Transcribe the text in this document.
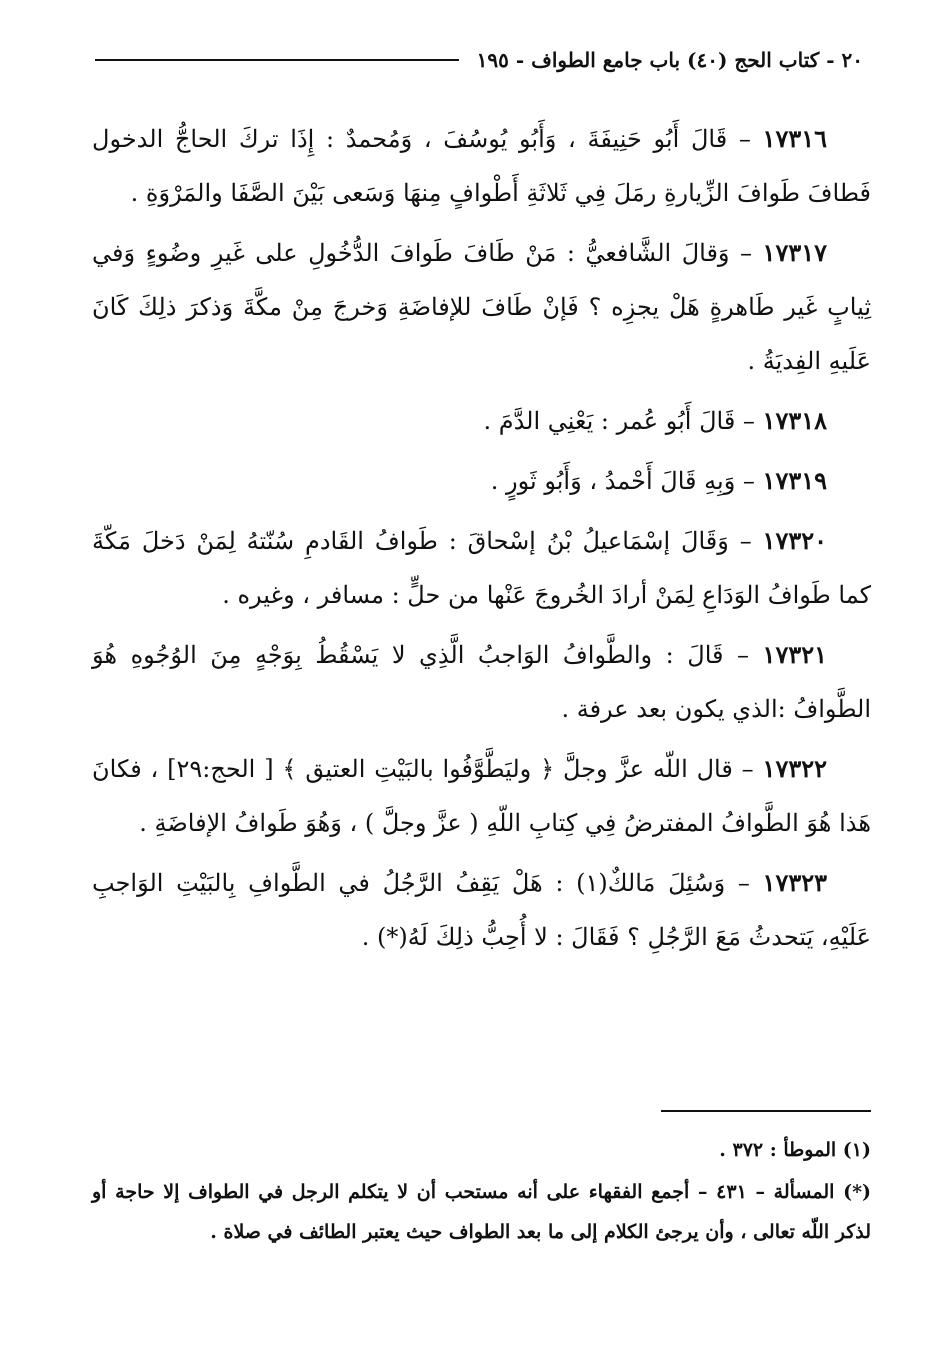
٢٠ - كتاب الحج (٤٠) باب جامع الطواف - ١٩٥

١٧٣١٦ – قَالَ أَبُو حَنِيفَةَ ، وَأَبُو يُوسُفَ ، وَمُحمدٌ : إِذَا تركَ الحاجُّ الدخول فَطافَ طَوافَ الزِّيارةِ رمَلَ فِي ثَلاثَةِ أَطْوافٍ مِنهَا وَسَعى بَيْنَ الصَّفَا والمَرْوَةِ .

١٧٣١٧ – وَقالَ الشَّافعيُّ : مَنْ طَافَ طَوافَ الدُّخُولِ على غَيرِ وضُوءٍ وَفي ثِيابٍ غَير طَاهرةٍ هَلْ يجزِه ؟ فَإنْ طَافَ للإفاضَةِ وَخرجَ مِنْ مكَّةَ وَذكرَ ذلِكَ كَانَ عَلَيهِ الفِديَةُ .

١٧٣١٨ – قَالَ أَبُو عُمر : يَعْنِي الدَّمَ .

١٧٣١٩ – وَبِهِ قَالَ أَحْمدُ ، وَأَبُو ثَورٍ .

١٧٣٢٠ – وَقَالَ إسْمَاعيلُ بْنُ إسْحاقَ : طَوافُ القَادمِ سُنّتهُ لِمَنْ دَخلَ مَكّةَ كما طَوافُ الوَدَاعِ لِمَنْ أرادَ الخُروجَ عَنْها من حلٍّ : مسافر ، وغيره .

١٧٣٢١ – قَالَ : والطَّوافُ الوَاجبُ الَّذِي لا يَسْقُطُ بِوَجْهٍ مِنَ الوُجُوهِ هُوَ الطَّوافُ :الذي يكون بعد عرفة .

١٧٣٢٢ – قال اللّه عزَّ وجلَّ ﴿ وليَطَّوَّفُوا بالبَيْتِ العتيق ﴾ [ الحج:٢٩] ، فكانَ هَذا هُوَ الطَّوافُ المفترضُ فِي كِتابِ اللّهِ ( عزَّ وجلَّ ) ، وَهُوَ طَوافُ الإفاضَةِ .

١٧٣٢٣ – وَسُئِلَ مَالكٌ(١) : هَلْ يَقِفُ الرَّجُلُ في الطَّوافِ بِالبَيْتِ الوَاجبِ عَلَيْهِ، يَتحدثُ مَعَ الرَّجُلِ ؟ فَقَالَ : لا أُحِبُّ ذلِكَ لَهُ(*) .

(١) الموطأ : ٣٧٢ .

(*) المسألة – ٤٣١ – أجمع الفقهاء على أنه مستحب أن لا يتكلم الرجل في الطواف إلا حاجة أو لذكر اللّه تعالى ، وأن يرجئ الكلام إلى ما بعد الطواف حيث يعتبر الطائف في صلاة .
